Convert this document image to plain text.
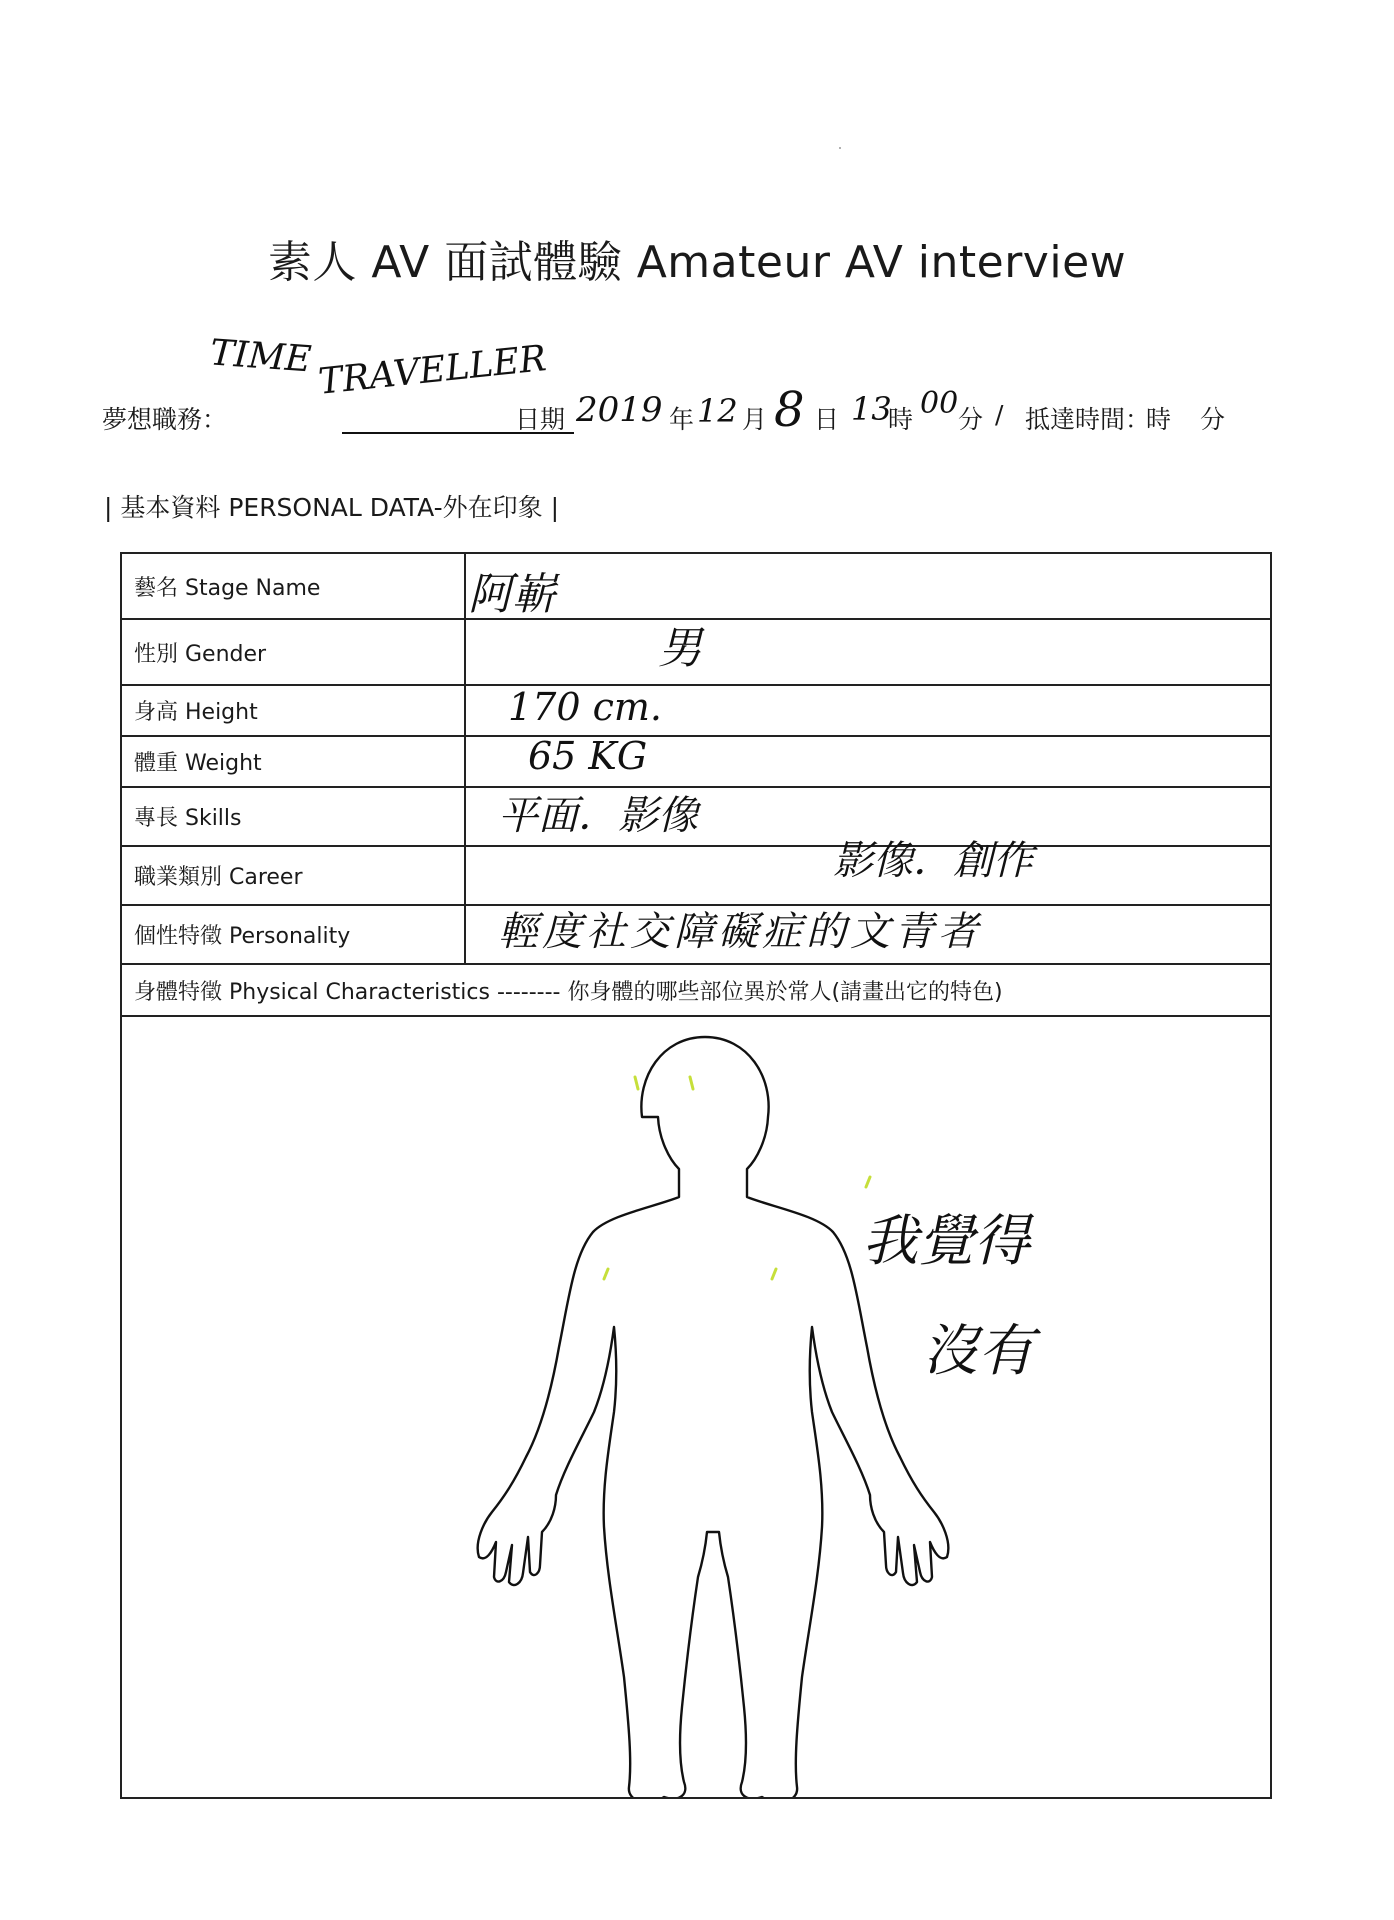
素人 AV 面試體驗 Amateur AV interview
夢想職務：
TIME TRAVELLER
日期 2019 年 12 月 8 日 13
時 00 分 / 抵達時間：
時 分
| 基本資料 PERSONAL DATA-外在印象 |
藝名 Stage Name	阿嶄
性別 Gender	男
身高 Height	170 cm.
體重 Weight	65 KG
專長 Skills	平面．影像
職業類別 Career	影像．創作
個性特徵 Personality	輕度社交障礙症的文青者
身體特徵 Physical Characteristics -------- 你身體的哪些部位異於常人(請畫出它的特色)	

我覺得
沒有	
